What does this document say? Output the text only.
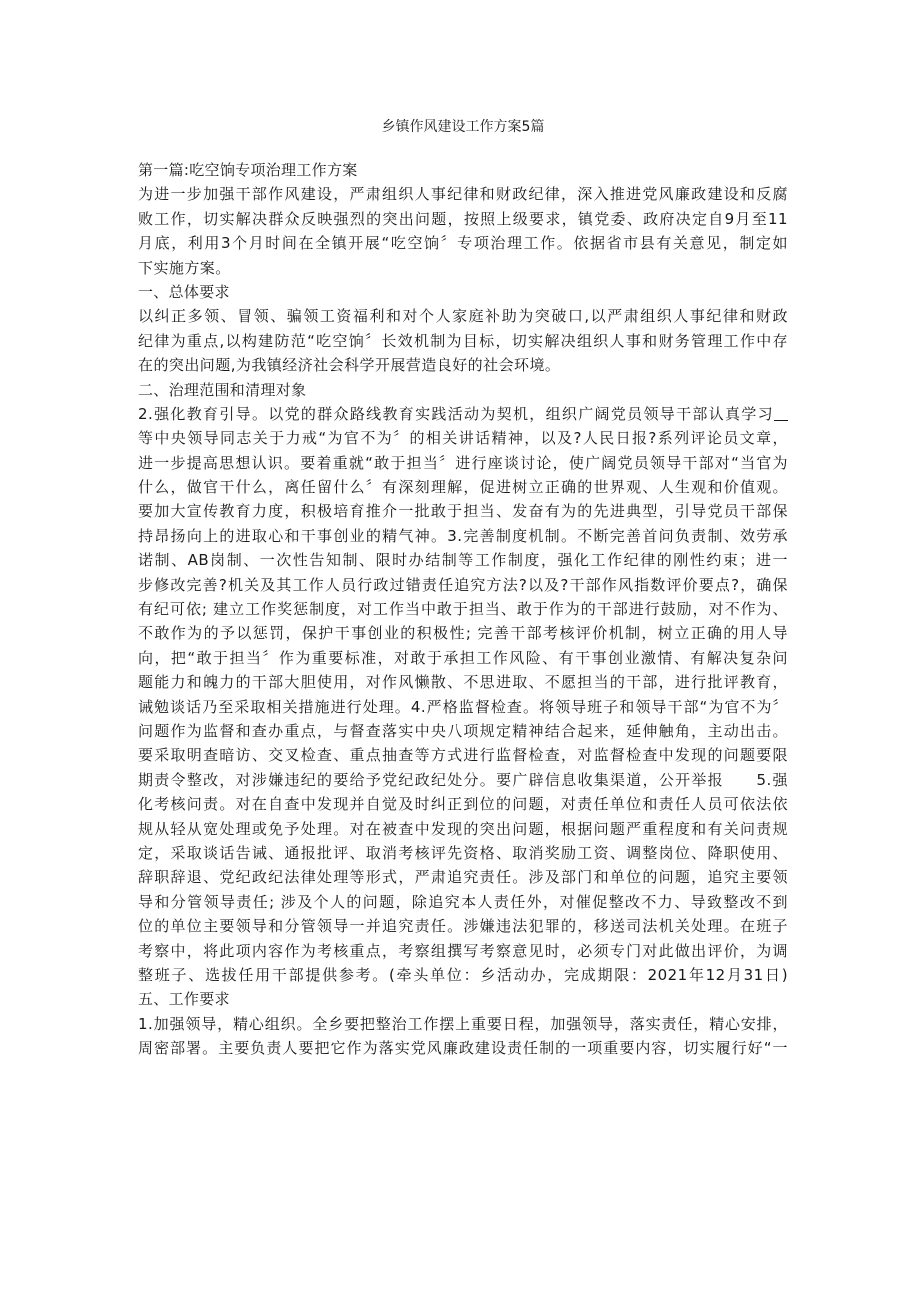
乡镇作风建设工作方案5篇
第一篇:吃空饷专项治理工作方案
为进一步加强干部作风建设，严肃组织人事纪律和财政纪律，深入推进党风廉政建设和反腐
败工作，切实解决群众反映强烈的突出问题，按照上级要求，镇党委、政府决定自9月至11
月底，利用3个月时间在全镇开展“吃空饷〞专项治理工作。依据省市县有关意见，制定如
下实施方案。
一、总体要求
以纠正多领、冒领、骗领工资福利和对个人家庭补助为突破口,以严肃组织人事纪律和财政
纪律为重点,以构建防范“吃空饷〞长效机制为目标，切实解决组织人事和财务管理工作中存
在的突出问题,为我镇经济社会科学开展营造良好的社会环境。
二、治理范围和清理对象
2.强化教育引导。以党的群众路线教育实践活动为契机，组织广阔党员领导干部认真学习
等中央领导同志关于力戒“为官不为〞的相关讲话精神，以及?人民日报?系列评论员文章，
进一步提高思想认识。要着重就“敢于担当〞进行座谈讨论，使广阔党员领导干部对“当官为
什么，做官干什么，离任留什么〞有深刻理解，促进树立正确的世界观、人生观和价值观。
要加大宣传教育力度，积极培育推介一批敢于担当、发奋有为的先进典型，引导党员干部保
持昂扬向上的进取心和干事创业的精气神。3.完善制度机制。不断完善首问负责制、效劳承
诺制、AB岗制、一次性告知制、限时办结制等工作制度，强化工作纪律的刚性约束；进一
步修改完善?机关及其工作人员行政过错责任追究方法?以及?干部作风指数评价要点?，确保
有纪可依; 建立工作奖惩制度，对工作当中敢于担当、敢于作为的干部进行鼓励，对不作为、
不敢作为的予以惩罚，保护干事创业的积极性; 完善干部考核评价机制，树立正确的用人导
向，把“敢于担当〞作为重要标准，对敢于承担工作风险、有干事创业激情、有解决复杂问
题能力和魄力的干部大胆使用，对作风懒散、不思进取、不愿担当的干部，进行批评教育，
诫勉谈话乃至采取相关措施进行处理。4.严格监督检查。将领导班子和领导干部“为官不为〞
问题作为监督和查办重点，与督查落实中央八项规定精神结合起来，延伸触角，主动出击。
要采取明查暗访、交叉检查、重点抽查等方式进行监督检查，对监督检查中发现的问题要限
期责令整改，对涉嫌违纪的要给予党纪政纪处分。要广辟信息收集渠道，公开举报　　5.强
化考核问责。对在自查中发现并自觉及时纠正到位的问题，对责任单位和责任人员可依法依
规从轻从宽处理或免予处理。对在被查中发现的突出问题，根据问题严重程度和有关问责规
定，采取谈话告诫、通报批评、取消考核评先资格、取消奖励工资、调整岗位、降职使用、
辞职辞退、党纪政纪法律处理等形式，严肃追究责任。涉及部门和单位的问题，追究主要领
导和分管领导责任; 涉及个人的问题，除追究本人责任外，对催促整改不力、导致整改不到
位的单位主要领导和分管领导一并追究责任。涉嫌违法犯罪的，移送司法机关处理。在班子
考察中，将此项内容作为考核重点，考察组撰写考察意见时，必须专门对此做出评价，为调
整班子、选拔任用干部提供参考。(牵头单位：乡活动办，完成期限：2021年12月31日)
五、工作要求
1.加强领导，精心组织。全乡要把整治工作摆上重要日程，加强领导，落实责任，精心安排，
周密部署。主要负责人要把它作为落实党风廉政建设责任制的一项重要内容，切实履行好“一
